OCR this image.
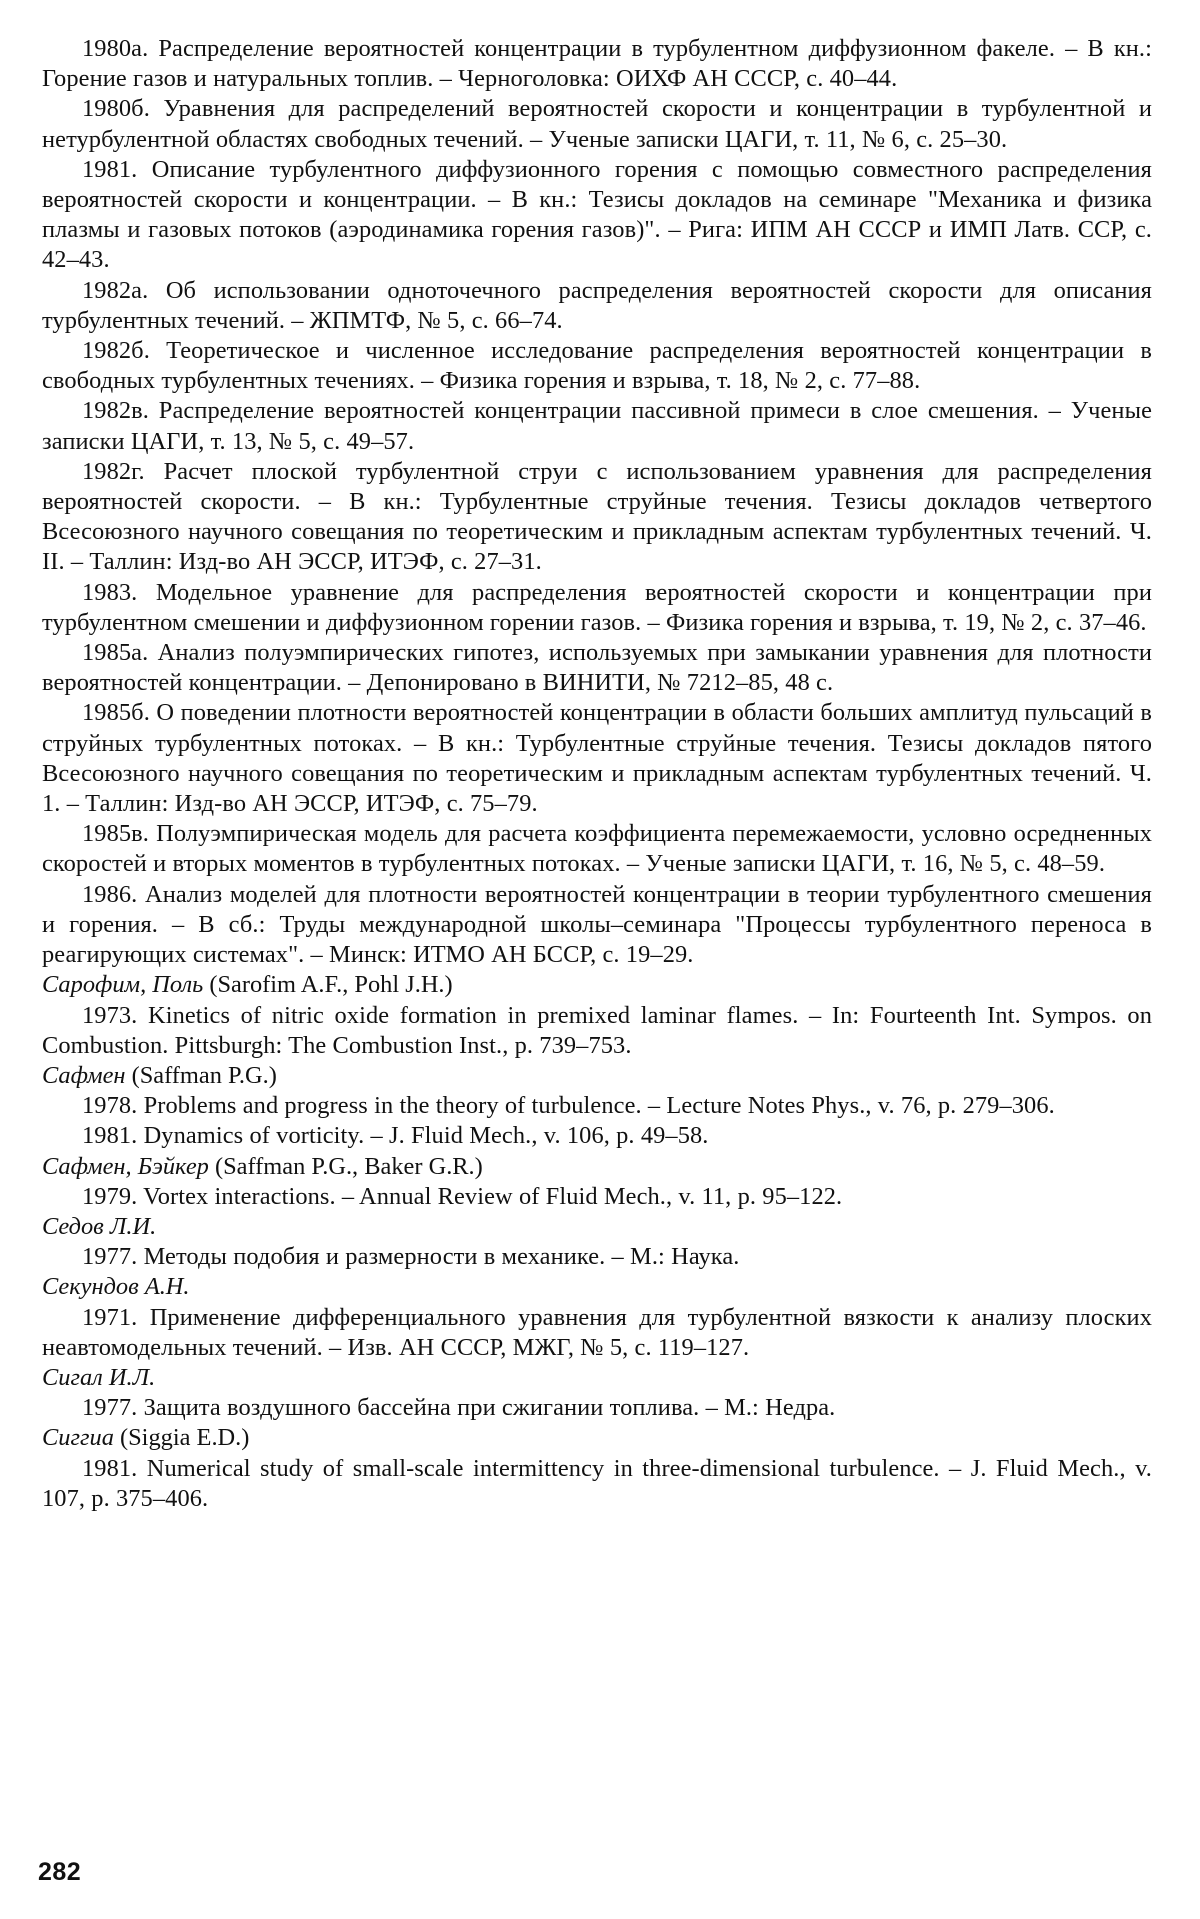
1980а. Распределение вероятностей концентрации в турбулентном диффузионном факеле. – В кн.: Горение газов и натуральных топлив. – Черноголовка: ОИХФ АН СССР, с. 40–44.

1980б. Уравнения для распределений вероятностей скорости и концентрации в турбулентной и нетурбулентной областях свободных течений. – Ученые записки ЦАГИ, т. 11, № 6, с. 25–30.

1981. Описание турбулентного диффузионного горения с помощью совместного распределения вероятностей скорости и концентрации. – В кн.: Тезисы докладов на семинаре "Механика и физика плазмы и газовых потоков (аэродинамика горения газов)". – Рига: ИПМ АН СССР и ИМП Латв. ССР, с. 42–43.

1982а. Об использовании одноточечного распределения вероятностей скорости для описания турбулентных течений. – ЖПМТФ, № 5, с. 66–74.

1982б. Теоретическое и численное исследование распределения вероятностей концентрации в свободных турбулентных течениях. – Физика горения и взрыва, т. 18, № 2, с. 77–88.

1982в. Распределение вероятностей концентрации пассивной примеси в слое смешения. – Ученые записки ЦАГИ, т. 13, № 5, с. 49–57.

1982г. Расчет плоской турбулентной струи с использованием уравнения для распределения вероятностей скорости. – В кн.: Турбулентные струйные течения. Тезисы докладов четвертого Всесоюзного научного совещания по теоретическим и прикладным аспектам турбулентных течений. Ч. II. – Таллин: Изд-во АН ЭССР, ИТЭФ, с. 27–31.

1983. Модельное уравнение для распределения вероятностей скорости и концентрации при турбулентном смешении и диффузионном горении газов. – Физика горения и взрыва, т. 19, № 2, с. 37–46.

1985а. Анализ полуэмпирических гипотез, используемых при замыкании уравнения для плотности вероятностей концентрации. – Депонировано в ВИНИТИ, № 7212–85, 48 с.

1985б. О поведении плотности вероятностей концентрации в области больших амплитуд пульсаций в струйных турбулентных потоках. – В кн.: Турбулентные струйные течения. Тезисы докладов пятого Всесоюзного научного совещания по теоретическим и прикладным аспектам турбулентных течений. Ч. 1. – Таллин: Изд-во АН ЭССР, ИТЭФ, с. 75–79.

1985в. Полуэмпирическая модель для расчета коэффициента перемежаемости, условно осредненных скоростей и вторых моментов в турбулентных потоках. – Ученые записки ЦАГИ, т. 16, № 5, с. 48–59.

1986. Анализ моделей для плотности вероятностей концентрации в теории турбулентного смешения и горения. – В сб.: Труды международной школы–семинара "Процессы турбулентного переноса в реагирующих системах". – Минск: ИТМО АН БССР, с. 19–29.

Сарофим, Поль (Sarofim A.F., Pohl J.H.)

1973. Kinetics of nitric oxide formation in premixed laminar flames. – In: Fourteenth Int. Sympos. on Combustion. Pittsburgh: The Combustion Inst., p. 739–753.

Сафмен (Saffman P.G.)

1978. Problems and progress in the theory of turbulence. – Lecture Notes Phys., v. 76, p. 279–306.

1981. Dynamics of vorticity. – J. Fluid Mech., v. 106, p. 49–58.

Сафмен, Бэйкер (Saffman P.G., Baker G.R.)

1979. Vortex interactions. – Annual Review of Fluid Mech., v. 11, p. 95–122.

Седов Л.И.

1977. Методы подобия и размерности в механике. – М.: Наука.

Секундов А.Н.

1971. Применение дифференциального уравнения для турбулентной вязкости к анализу плоских неавтомодельных течений. – Изв. АН СССР, МЖГ, № 5, с. 119–127.

Сигал И.Л.

1977. Защита воздушного бассейна при сжигании топлива. – М.: Недра.

Сиггиа (Siggia E.D.)

1981. Numerical study of small-scale intermittency in three-dimensional turbulence. – J. Fluid Mech., v. 107, p. 375–406.

282
